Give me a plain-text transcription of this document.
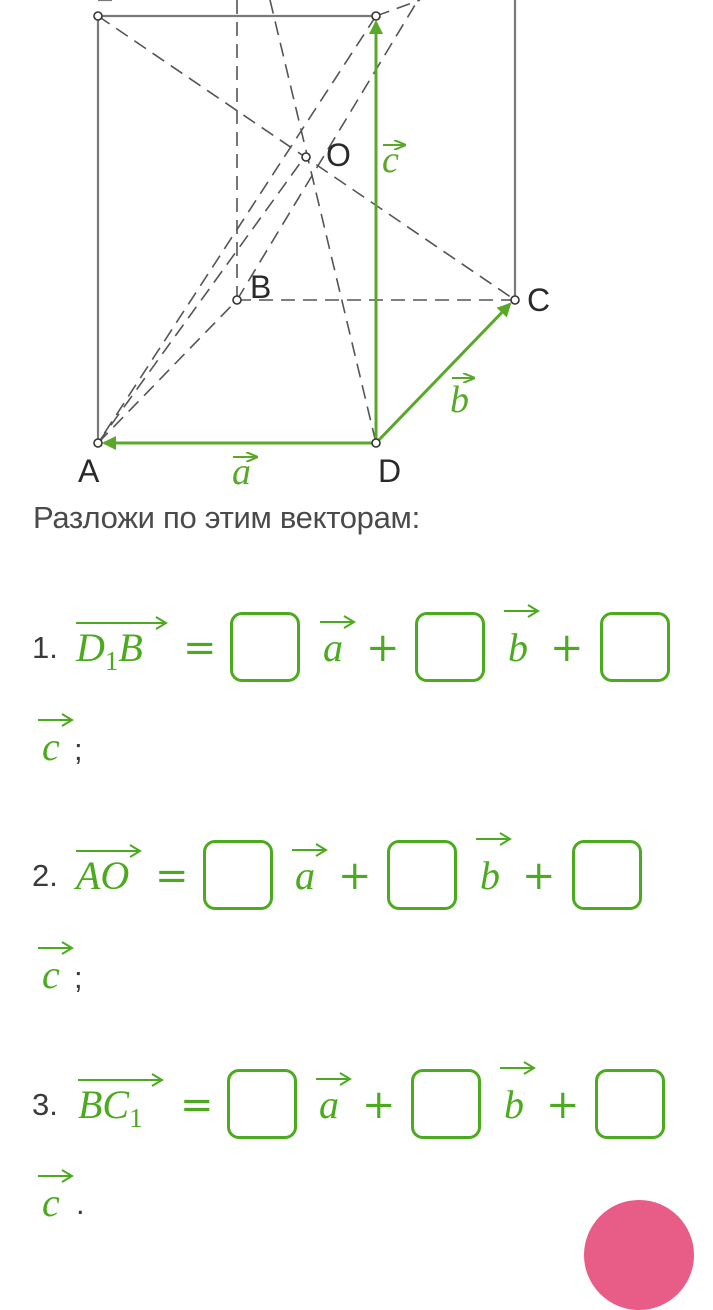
O
B	C
A	D
a
b
c
Разложи по этим векторам:
1. $D_1B$ =	a +	b +
c ;
2. AO =	a +	b +
c ;
3. $BC_1$ =	a +	b +
c .
